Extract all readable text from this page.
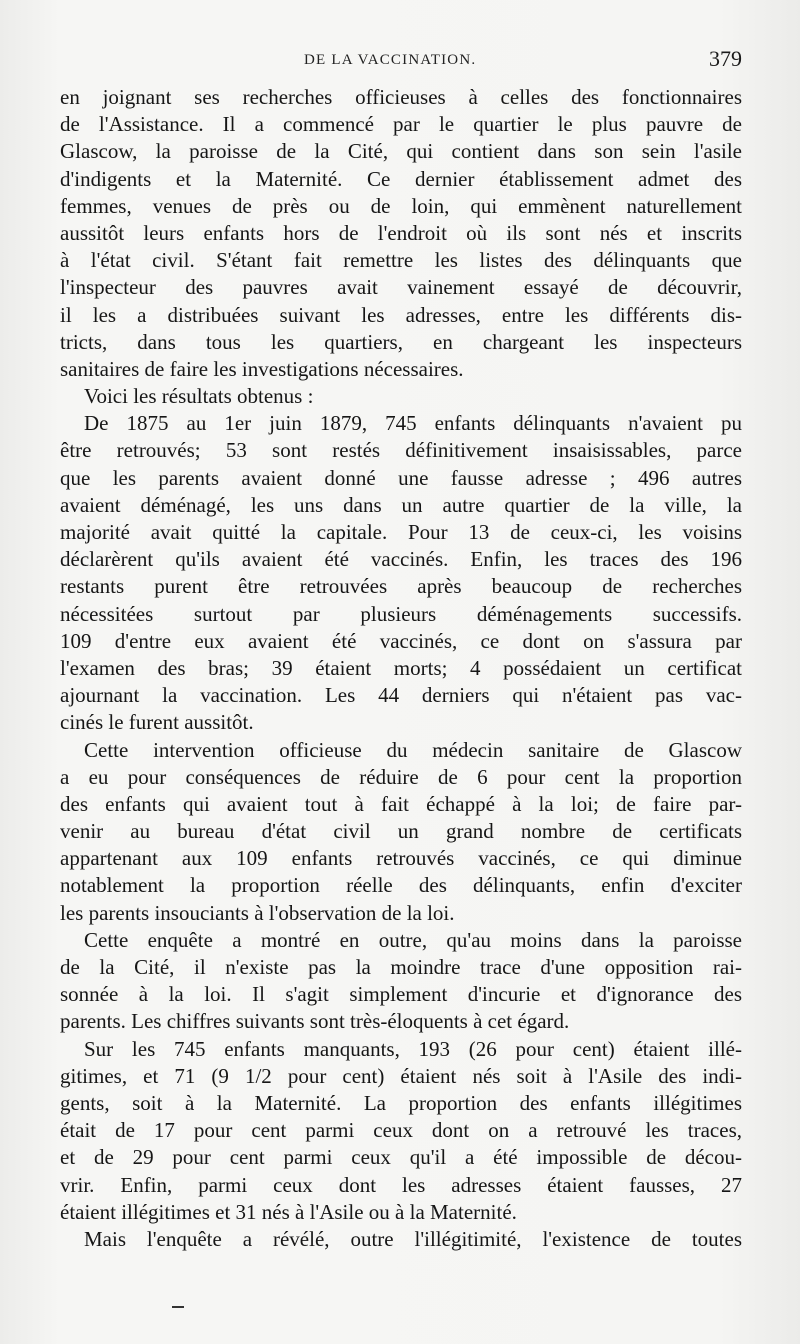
DE LA VACCINATION.	379
en joignant ses recherches officieuses à celles des fonctionnaires
de l'Assistance. Il a commencé par le quartier le plus pauvre de
Glascow, la paroisse de la Cité, qui contient dans son sein l'asile
d'indigents et la Maternité. Ce dernier établissement admet des
femmes, venues de près ou de loin, qui emmènent naturellement
aussitôt leurs enfants hors de l'endroit où ils sont nés et inscrits
à l'état civil. S'étant fait remettre les listes des délinquants que
l'inspecteur des pauvres avait vainement essayé de découvrir,
il les a distribuées suivant les adresses, entre les différents dis-
tricts, dans tous les quartiers, en chargeant les inspecteurs
sanitaires de faire les investigations nécessaires.
Voici les résultats obtenus :
De 1875 au 1er juin 1879, 745 enfants délinquants n'avaient pu
être retrouvés; 53 sont restés définitivement insaisissables, parce
que les parents avaient donné une fausse adresse ; 496 autres
avaient déménagé, les uns dans un autre quartier de la ville, la
majorité avait quitté la capitale. Pour 13 de ceux-ci, les voisins
déclarèrent qu'ils avaient été vaccinés. Enfin, les traces des 196
restants purent être retrouvées après beaucoup de recherches
nécessitées surtout par plusieurs déménagements successifs.
109 d'entre eux avaient été vaccinés, ce dont on s'assura par
l'examen des bras; 39 étaient morts; 4 possédaient un certificat
ajournant la vaccination. Les 44 derniers qui n'étaient pas vac-
cinés le furent aussitôt.
Cette intervention officieuse du médecin sanitaire de Glascow
a eu pour conséquences de réduire de 6 pour cent la proportion
des enfants qui avaient tout à fait échappé à la loi; de faire par-
venir au bureau d'état civil un grand nombre de certificats
appartenant aux 109 enfants retrouvés vaccinés, ce qui diminue
notablement la proportion réelle des délinquants, enfin d'exciter
les parents insouciants à l'observation de la loi.
Cette enquête a montré en outre, qu'au moins dans la paroisse
de la Cité, il n'existe pas la moindre trace d'une opposition rai-
sonnée à la loi. Il s'agit simplement d'incurie et d'ignorance des
parents. Les chiffres suivants sont très-éloquents à cet égard.
Sur les 745 enfants manquants, 193 (26 pour cent) étaient illé-
gitimes, et 71 (9 1/2 pour cent) étaient nés soit à l'Asile des indi-
gents, soit à la Maternité. La proportion des enfants illégitimes
était de 17 pour cent parmi ceux dont on a retrouvé les traces,
et de 29 pour cent parmi ceux qu'il a été impossible de décou-
vrir. Enfin, parmi ceux dont les adresses étaient fausses, 27
étaient illégitimes et 31 nés à l'Asile ou à la Maternité.
Mais l'enquête a révélé, outre l'illégitimité, l'existence de toutes
